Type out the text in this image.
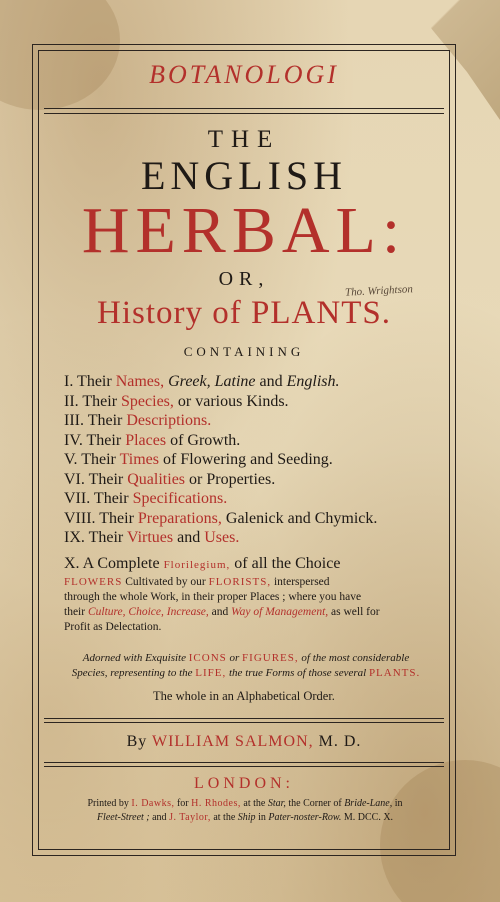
BOTANOLOGI
THE
ENGLISH
HERBAL:
OR,
Tho. Wrightson
History of PLANTS.
CONTAINING
I. Their Names, Greek, Latine and English.
II. Their Species, or various Kinds.
III. Their Descriptions.
IV. Their Places of Growth.
V. Their Times of Flowering and Seeding.
VI. Their Qualities or Properties.
VII. Their Specifications.
VIII. Their Preparations, Galenick and Chymick.
IX. Their Virtues and Uses.
X. A Complete Florilegium, of all the Choice
FLOWERS Cultivated by our FLORISTS, interspersed
through the whole Work, in their proper Places ; where you have
their Culture, Choice, Increase, and Way of Management, as well for
Profit as Delectation.
Adorned with Exquisite ICONS or FIGURES, of the most considerable
Species, representing to the LIFE, the true Forms of those several PLANTS.
The whole in an Alphabetical Order.
By WILLIAM SALMON, M. D.
LONDON:
Printed by I. Dawks, for H. Rhodes, at the Star, the Corner of Bride-Lane, in
Fleet-Street ; and J. Taylor, at the Ship in Pater-noster-Row. M. DCC. X.
